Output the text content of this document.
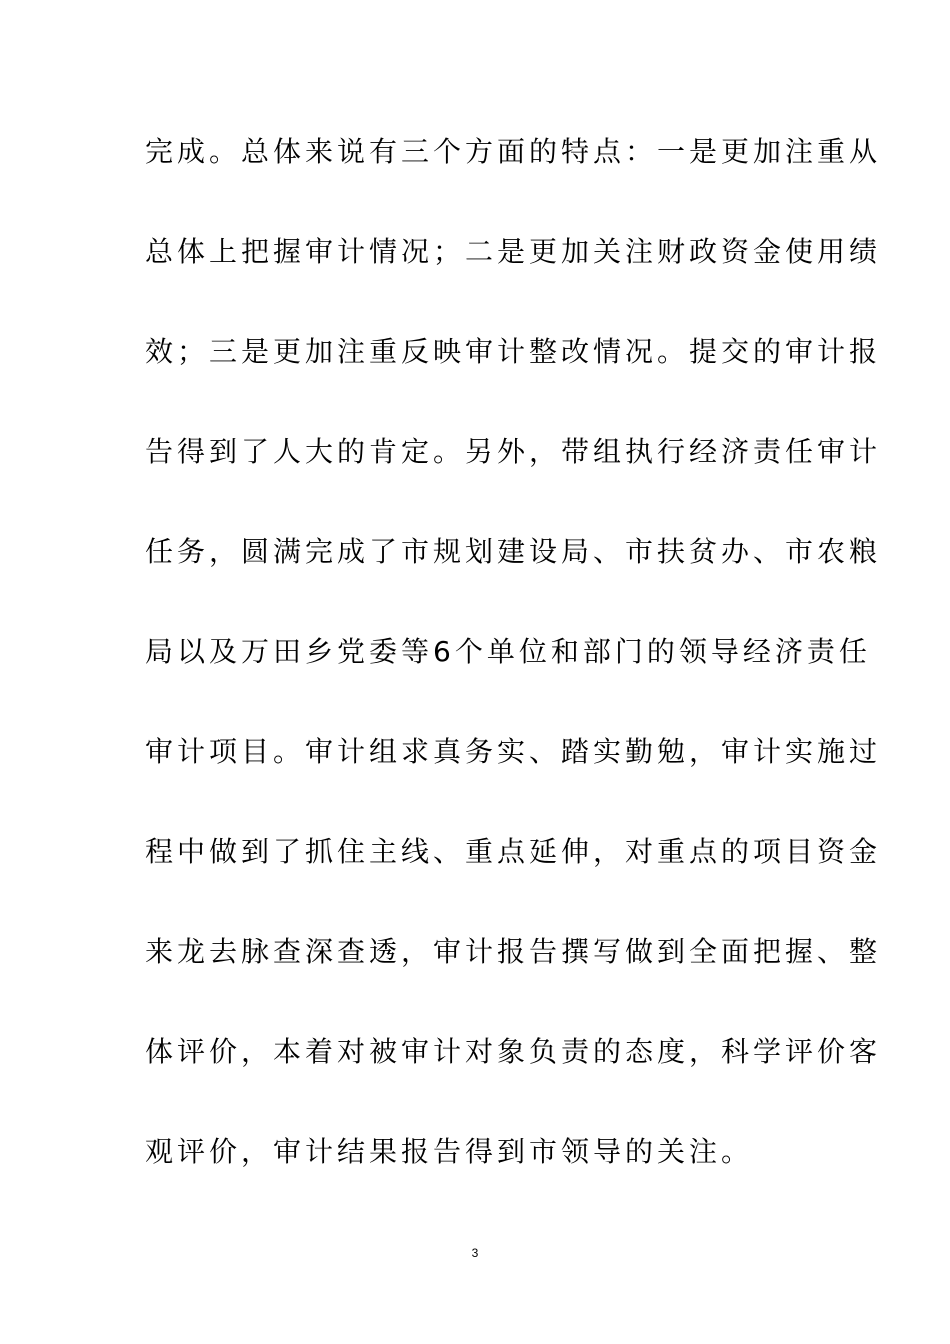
完成。总体来说有三个方面的特点：一是更加注重从
总体上把握审计情况；二是更加关注财政资金使用绩
效；三是更加注重反映审计整改情况。提交的审计报
告得到了人大的肯定。另外，带组执行经济责任审计
任务，圆满完成了市规划建设局、市扶贫办、市农粮
局以及万田乡党委等6个单位和部门的领导经济责任
审计项目。审计组求真务实、踏实勤勉，审计实施过
程中做到了抓住主线、重点延伸，对重点的项目资金
来龙去脉查深查透，审计报告撰写做到全面把握、整
体评价，本着对被审计对象负责的态度，科学评价客
观评价，审计结果报告得到市领导的关注。
3
